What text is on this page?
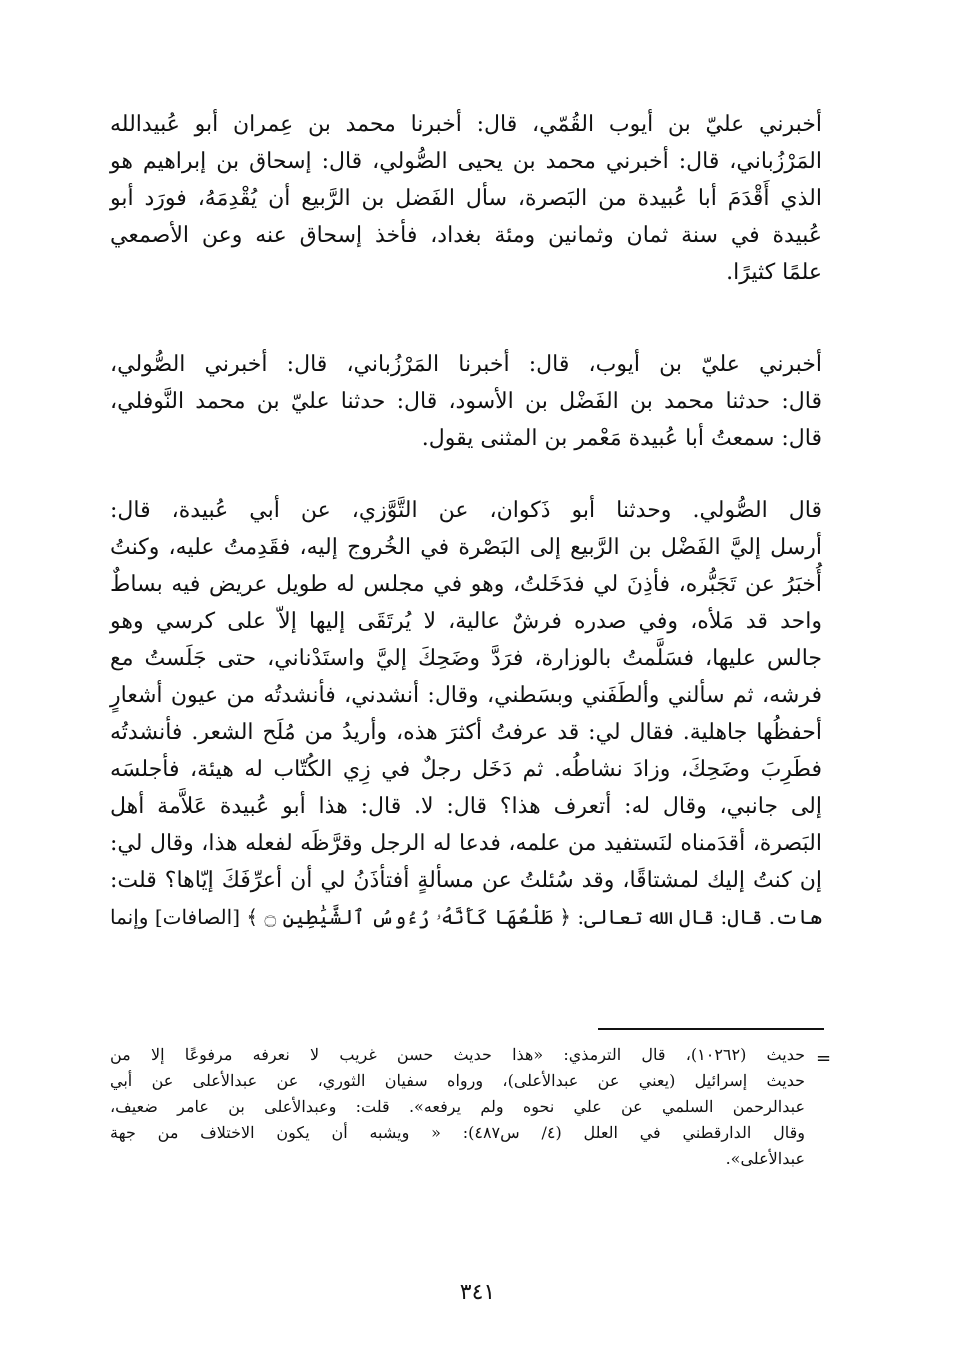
أخبرني عليّ بن أيوب القُمّي، قال: أخبرنا محمد بن عِمران أبو عُبيدالله
المَرْزُباني، قال: أخبرني محمد بن يحيى الصُّولي، قال: إسحاق بن إبراهيم هو
الذي أَقْدَمَ أبا عُبيدة من البَصرة، سأل الفَضل بن الرَّبيع أن يُقْدِمَهُ، فورَد أبو
عُبيدة في سنة ثمان وثمانين ومئة بغداد، فأخذ إسحاق عنه وعن الأصمعي
علمًا كثيرًا.
أخبرني عليّ بن أيوب، قال: أخبرنا المَرْزُباني، قال: أخبرني الصُّولي،
قال: حدثنا محمد بن الفَضْل بن الأسود، قال: حدثنا عليّ بن محمد النَّوفلي،
قال: سمعتُ أبا عُبيدة مَعْمر بن المثنى يقول.
قال الصُّولي. وحدثنا أبو ذَكوان، عن التَّوَّزي، عن أبي عُبيدة، قال:
أرسل إليَّ الفَضْل بن الرَّبيع إلى البَصْرة في الخُروج إليه، فقَدِمتُ عليه، وكنتُ
أُخبَرُ عن تَجَبُّره، فأذِنَ لي فدَخَلتُ، وهو في مجلس له طويل عريض فيه بساطٌ
واحد قد مَلأه، وفي صدره فرشٌ عالية، لا يُرتَقَى إليها إلاّ على كرسي وهو
جالس عليها، فسَلَّمتُ بالوزارة، فرَدَّ وضَحِكَ إليَّ واستَدْناني، حتى جَلَستُ مع
فرشه، ثم سألني وألطَفَني وبسَطني، وقال: أنشدني، فأنشدتُه من عيون أشعارٍ
أحفظُها جاهلية. فقال لي: قد عرفتُ أكثرَ هذه، وأريدُ من مُلَح الشعر. فأنشدتُه
فطَرِبَ وضَحِكَ، وزادَ نشاطُه. ثم دَخَل رجلٌ في زِي الكُتّاب له هيئة، فأجلسَه
إلى جانبي، وقال له: أتعرف هذا؟ قال: لا. قال: هذا أبو عُبيدة عَلاَّمة أهل
البَصرة، أقدَمناه لنَستفيد من علمه، فدعا له الرجل وقرَّظَه لفعله هذا، وقال لي:
إن كنتُ إليك لمشتاقًا، وقد سُئلتُ عن مسألةٍ أفتأذَنُ لي أن أعرِّفَكَ إيّاها؟ قلت:
هات. قال: قال الله تعالى: ﴿ طَلْعُهَا كَأَنَّهُۥ رُءُوسُ ٱلشَّيَٰطِينِ ۝ ﴾ [الصافات] وإنما
=
حديث (١٠٢٦٢)، قال الترمذي: «هذا حديث حسن غريب لا نعرفه مرفوعًا إلا من
حديث إسرائيل (يعني عن عبدالأعلى)، ورواه سفيان الثوري، عن عبدالأعلى عن أبي
عبدالرحمن السلمي عن علي نحوه ولم يرفعه». قلت: وعبدالأعلى بن عامر ضعيف،
وقال الدارقطني في العلل (٤/ س٤٨٧): « ويشبه أن يكون الاختلاف من جهة
عبدالأعلى».
٣٤١
